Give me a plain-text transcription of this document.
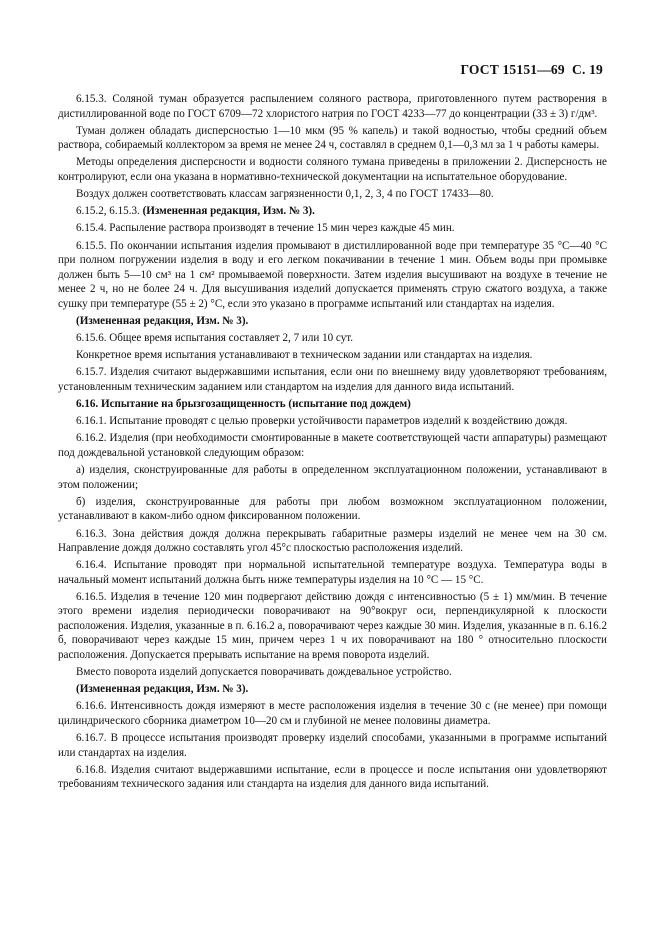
ГОСТ 15151—69 С. 19

6.15.3. Соляной туман образуется распылением соляного раствора, приготовленного путем растворения в дистиллированной воде по ГОСТ 6709—72 хлористого натрия по ГОСТ 4233—77 до концентрации (33 ± 3) г/дм³.

Туман должен обладать дисперсностью 1—10 мкм (95 % капель) и такой водностью, чтобы средний объем раствора, собираемый коллектором за время не менее 24 ч, составлял в среднем 0,1—0,3 мл за 1 ч работы камеры.

Методы определения дисперсности и водности соляного тумана приведены в приложении 2. Дисперсность не контролируют, если она указана в нормативно-технической документации на испытательное оборудование.

Воздух должен соответствовать классам загрязненности 0,1, 2, 3, 4 по ГОСТ 17433—80.

6.15.2, 6.15.3. (Измененная редакция, Изм. № 3).

6.15.4. Распыление раствора производят в течение 15 мин через каждые 45 мин.

6.15.5. По окончании испытания изделия промывают в дистиллированной воде при температуре 35 °С—40 °С при полном погружении изделия в воду и его легком покачивании в течение 1 мин. Объем воды при промывке должен быть 5—10 см³ на 1 см² промываемой поверхности. Затем изделия высушивают на воздухе в течение не менее 2 ч, но не более 24 ч. Для высушивания изделий допускается применять струю сжатого воздуха, а также сушку при температуре (55 ± 2) °С, если это указано в программе испытаний или стандартах на изделия.

(Измененная редакция, Изм. № 3).

6.15.6. Общее время испытания составляет 2, 7 или 10 сут.

Конкретное время испытания устанавливают в техническом задании или стандартах на изделия.

6.15.7. Изделия считают выдержавшими испытания, если они по внешнему виду удовлетворяют требованиям, установленным техническим заданием или стандартом на изделия для данного вида испытаний.

6.16. Испытание на брызгозащищенность (испытание под дождем)

6.16.1. Испытание проводят с целью проверки устойчивости параметров изделий к воздействию дождя.

6.16.2. Изделия (при необходимости смонтированные в макете соответствующей части аппаратуры) размещают под дождевальной установкой следующим образом:

а) изделия, сконструированные для работы в определенном эксплуатационном положении, устанавливают в этом положении;

б) изделия, сконструированные для работы при любом возможном эксплуатационном положении, устанавливают в каком-либо одном фиксированном положении.

6.16.3. Зона действия дождя должна перекрывать габаритные размеры изделий не менее чем на 30 см. Направление дождя должно составлять угол 45°с плоскостью расположения изделий.

6.16.4. Испытание проводят при нормальной испытательной температуре воздуха. Температура воды в начальный момент испытаний должна быть ниже температуры изделия на 10 °С — 15 °С.

6.16.5. Изделия в течение 120 мин подвергают действию дождя с интенсивностью (5 ± 1) мм/мин. В течение этого времени изделия периодически поворачивают на 90°вокруг оси, перпендикулярной к плоскости расположения. Изделия, указанные в п. 6.16.2 а, поворачивают через каждые 30 мин. Изделия, указанные в п. 6.16.2 б, поворачивают через каждые 15 мин, причем через 1 ч их поворачивают на 180 ° относительно плоскости расположения. Допускается прерывать испытание на время поворота изделий.

Вместо поворота изделий допускается поворачивать дождевальное устройство.

(Измененная редакция, Изм. № 3).

6.16.6. Интенсивность дождя измеряют в месте расположения изделия в течение 30 с (не менее) при помощи цилиндрического сборника диаметром 10—20 см и глубиной не менее половины диаметра.

6.16.7. В процессе испытания производят проверку изделий способами, указанными в программе испытаний или стандартах на изделия.

6.16.8. Изделия считают выдержавшими испытание, если в процессе и после испытания они удовлетворяют требованиям технического задания или стандарта на изделия для данного вида испытаний.
